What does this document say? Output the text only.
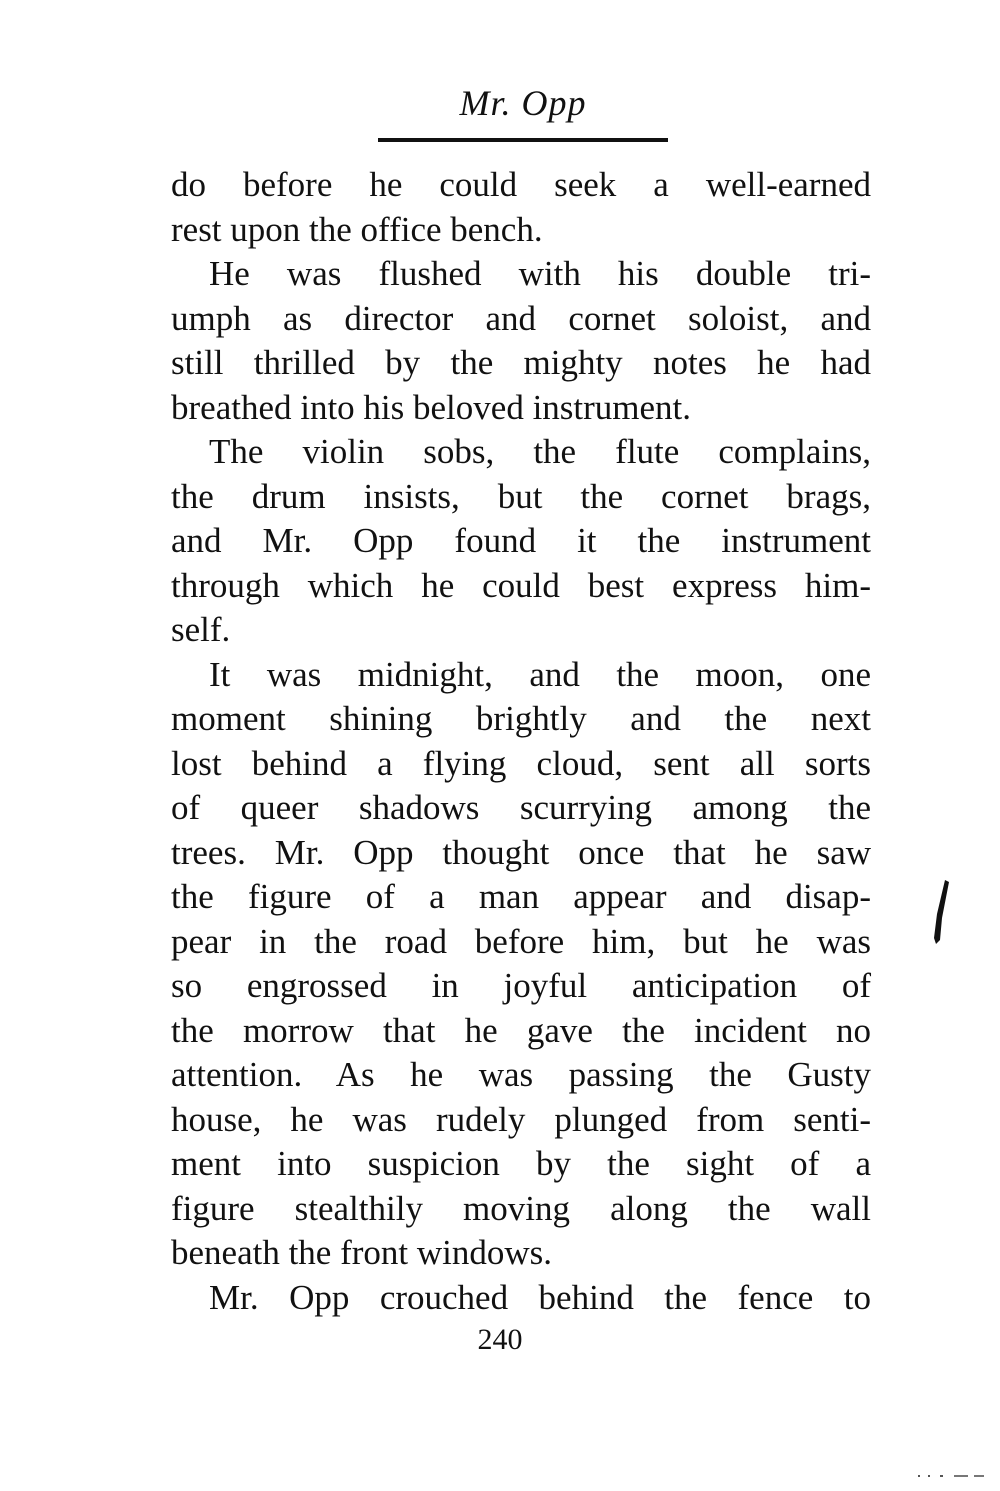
Mr. Opp
do before he could seek a well-earned
rest upon the office bench.
He was flushed with his double tri-
umph as director and cornet soloist, and
still thrilled by the mighty notes he had
breathed into his beloved instrument.
The violin sobs, the flute complains,
the drum insists, but the cornet brags,
and Mr. Opp found it the instrument
through which he could best express him-
self.
It was midnight, and the moon, one
moment shining brightly and the next
lost behind a flying cloud, sent all sorts
of queer shadows scurrying among the
trees. Mr. Opp thought once that he saw
the figure of a man appear and disap-
pear in the road before him, but he was
so engrossed in joyful anticipation of
the morrow that he gave the incident no
attention. As he was passing the Gusty
house, he was rudely plunged from senti-
ment into suspicion by the sight of a
figure stealthily moving along the wall
beneath the front windows.
Mr. Opp crouched behind the fence to
240
